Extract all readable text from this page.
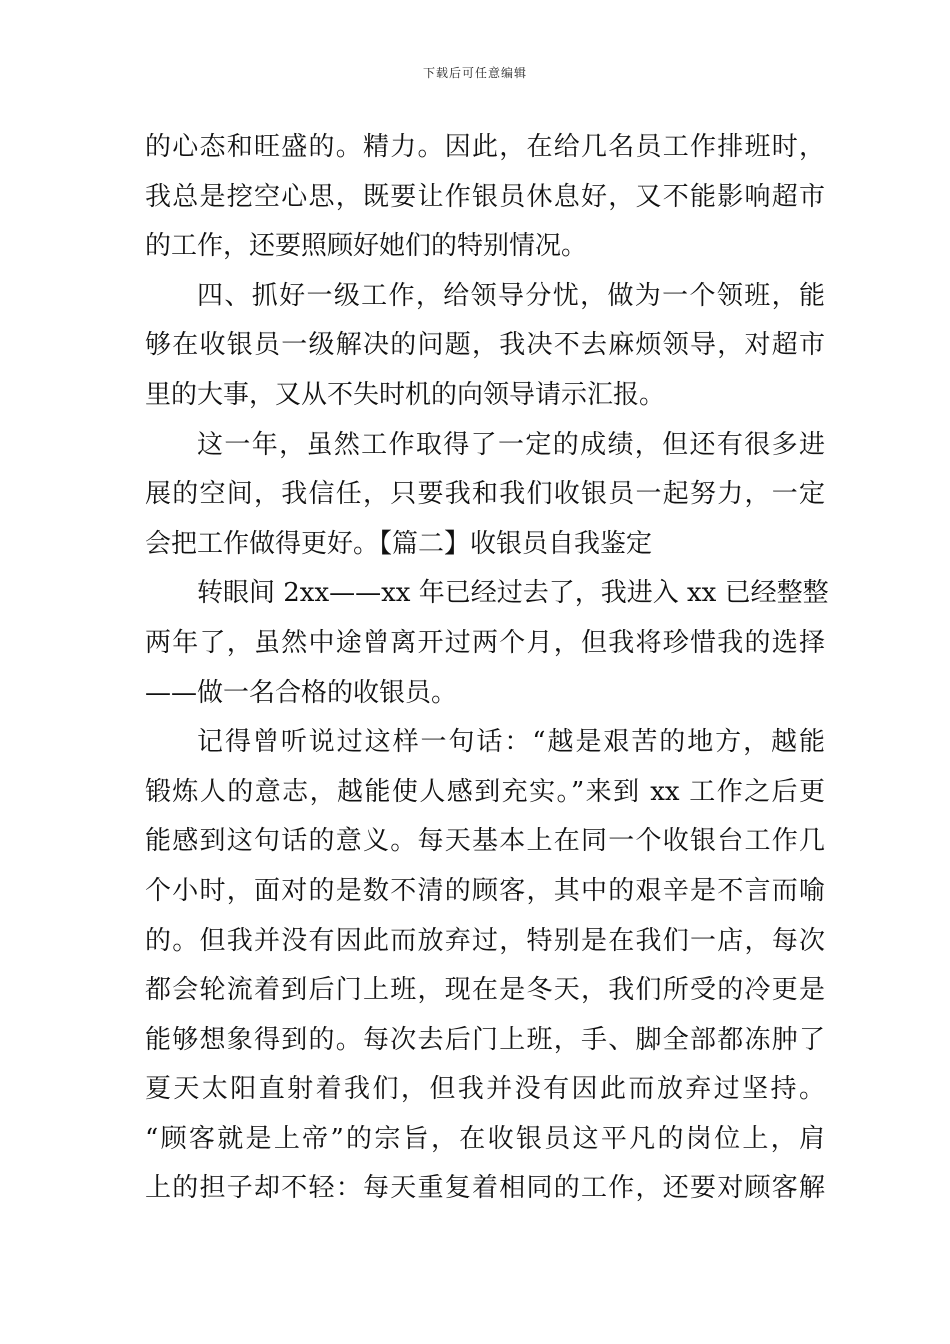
下载后可任意编辑
的心态和旺盛的。精力。因此，在给几名员工作排班时，
我总是挖空心思，既要让作银员休息好，又不能影响超市
的工作，还要照顾好她们的特别情况。
四、抓好一级工作，给领导分忧，做为一个领班，能
够在收银员一级解决的问题，我决不去麻烦领导，对超市
里的大事，又从不失时机的向领导请示汇报。
这一年，虽然工作取得了一定的成绩，但还有很多进
展的空间，我信任，只要我和我们收银员一起努力，一定
会把工作做得更好。【篇二】收银员自我鉴定
转眼间 2xx——xx 年已经过去了，我进入 xx 已经整整
两年了，虽然中途曾离开过两个月，但我将珍惜我的选择
——做一名合格的收银员。
记得曾听说过这样一句话：“越是艰苦的地方，越能
锻炼人的意志，越能使人感到充实。”来到 xx 工作之后更
能感到这句话的意义。每天基本上在同一个收银台工作几
个小时，面对的是数不清的顾客，其中的艰辛是不言而喻
的。但我并没有因此而放弃过，特别是在我们一店，每次
都会轮流着到后门上班，现在是冬天，我们所受的冷更是
能够想象得到的。每次去后门上班，手、脚全部都冻肿了
夏天太阳直射着我们，但我并没有因此而放弃过坚持。
“顾客就是上帝”的宗旨，在收银员这平凡的岗位上，肩
上的担子却不轻：每天重复着相同的工作，还要对顾客解
